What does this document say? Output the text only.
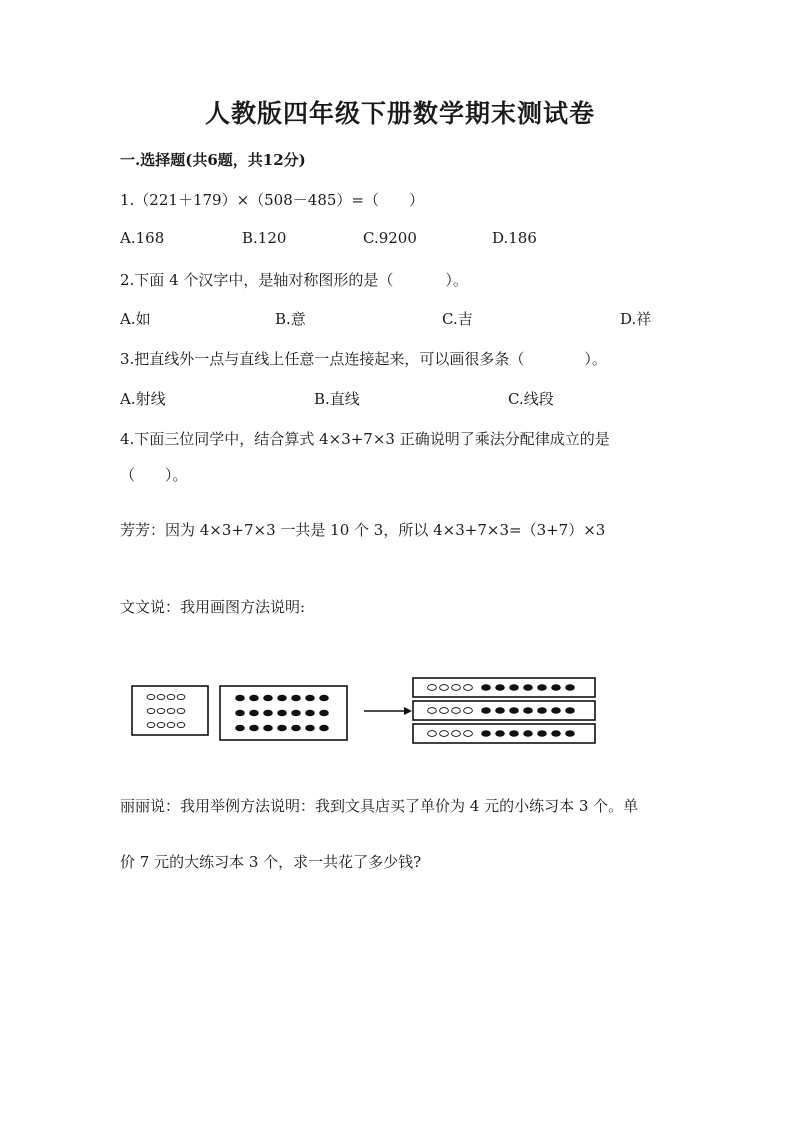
人教版四年级下册数学期末测试卷
一.选择题(共6题，共12分)
1.（221＋179）×（508－485）=（　　）
A.168	B.120	C.9200	D.186
2.下面 4 个汉字中，是轴对称图形的是（	）。
A.如	B.意	C.吉	D.祥
3.把直线外一点与直线上任意一点连接起来，可以画很多条（	）。
A.射线	B.直线	C.线段
4.下面三位同学中，结合算式 4×3+7×3 正确说明了乘法分配律成立的是
（ ）。
芳芳：因为 4×3+7×3 一共是 10 个 3，所以 4×3+7×3=（3+7）×3
文文说：我用画图方法说明:
丽丽说：我用举例方法说明：我到文具店买了单价为 4 元的小练习本 3 个。单
价 7 元的大练习本 3 个，求一共花了多少钱?
